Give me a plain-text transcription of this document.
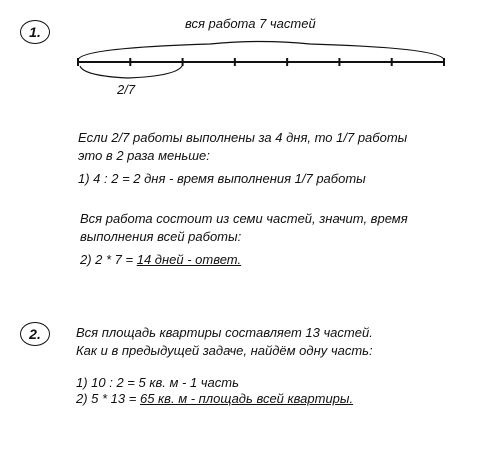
1.
вся работа 7 частей
2/7
Если 2/7 работы выполнены за 4 дня, то 1/7 работы
это в 2 раза меньше:
1) 4 : 2 = 2 дня - время выполнения 1/7 работы
Вся работа состоит из семи частей, значит, время
выполнения всей работы:
2) 2 * 7 = 14 дней - ответ.
2.	Вся площадь квартиры составляет 13 частей.
Как и в предыдущей задаче, найдём одну часть:
1) 10 : 2 = 5 кв. м - 1 часть
2) 5 * 13 = 65 кв. м - площадь всей квартиры.
